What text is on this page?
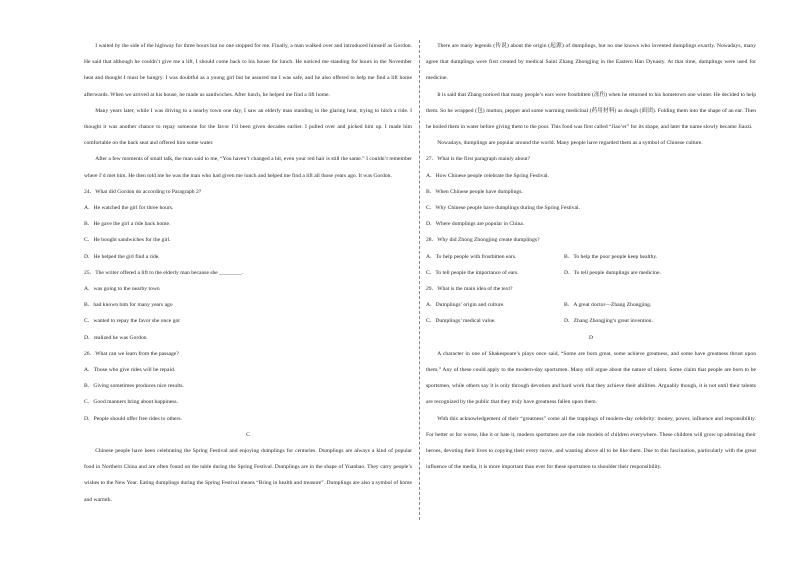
I waited by the side of the highway for three hours but no one stopped for me. Finally, a man walked over and introduced himself as Gordon. He said that although he couldn’t give me a lift, I should come back to his house for lunch. He noticed me standing for hours in the November heat and thought I must be hungry. I was doubtful as a young girl but he assured me I was safe, and he also offered to help me find a lift home afterwards. When we arrived at his house, he made us sandwiches. After lunch, he helped me find a lift home.

Many years later, while I was driving to a nearby town one day, I saw an elderly man standing in the glaring heat, trying to hitch a ride. I thought it was another chance to repay someone for the favor I’d been given decades earlier. I pulled over and picked him up. I made him comfortable on the back seat and offered him some water.

After a few moments of small talk, the man said to me, “You haven’t changed a bit, even your red hair is still the same.” I couldn’t remember where I’d met him. He then told me he was the man who had given me lunch and helped me find a lift all those years ago. It was Gordon.

24．What did Gordon do according to Paragraph 2?

A．He watched the girl for three hours.

B．He gave the girl a ride back home.

C．He bought sandwiches for the girl.

D．He helped the girl find a ride.

25．The writer offered a lift to the elderly man because she ________.

A．was going to the nearby town

B．had known him for many years ago

C．wanted to repay the favor she once got

D．realized he was Gordon

26．What can we learn from the passage?

A．Those who give rides will be repaid.

B．Giving sometimes produces nice results.

C．Good manners bring about happiness.

D．People should offer free rides to others.

C

Chinese people have been celebrating the Spring Festival and enjoying dumplings for centuries. Dumplings are always a kind of popular food in Northern China and are often found on the table during the Spring Festival. Dumplings are in the shape of Yuanbao. They carry people’s wishes to the New Year. Eating dumplings during the Spring Festival means “Bring in health and treasure”. Dumplings are also a symbol of home and warmth.

There are many legends (传说) about the origin (起源) of dumplings, but no one knows who invented dumplings exactly. Nowadays, many agree that dumplings were first created by medical Saint Zhang Zhongjing in the Eastern Han Dynasty. At that time, dumplings were used for medicine.

It is said that Zhang noticed that many people’s ears were frostbitten (冻伤) when he returned to his hometown one winter. He decided to help them. So he wrapped (包) mutton, pepper and some warming medicinal (药用材料) as dough (面团). Folding them into the shape of an ear. Then he boiled them in water before giving them to the poor. This food was first called “Jiao’er” for its shape, and later the name slowly became Jiaozi.

Nowadays, dumplings are popular around the world. Many people have regarded them as a symbol of Chinese culture.

27．What is the first paragraph mainly about?

A．How Chinese people celebrate the Spring Festival.

B．When Chinese people have dumplings.

C．Why Chinese people have dumplings during the Spring Festival.

D．Where dumplings are popular in China.

28．Why did Zhong Zhongjing create dumplings?

A．To help people with frostbitten ears.	B．To help the poor people keep healthy.
C．To tell people the importance of ears.	D．To tell people dumplings are medicine.

29．What is the main idea of the text?

A．Dumplings’ origin and culture.	B．A great doctor—Zhang Zhongjing.
C．Dumplings’ medical value.	D．Zhang Zhongjing’s great invention.

D

A character in one of Shakespeare’s plays once said, “Some are born great, some achieve greatness, and some have greatness thrust upon them.” Any of these could apply to the modern-day sportsmen. Many still argue about the nature of talent. Some claim that people are born to be sportsmen, while others say it is only through devotion and hard work that they achieve their abilities. Arguably though, it is not until their talents are recognized by the public that they truly have greatness fallen upon them.

With this acknowledgement of their “greatness” come all the trappings of modern-day celebrity: money, power, influence and responsibility. For better or for worse, like it or hate it, modern sportsmen are the role models of children everywhere. These children will grow up admiring their heroes, devoting their lives to copying their every move, and wanting above all to be like them. Due to this fascination, particularly with the great influence of the media, it is more important than ever for these sportsmen to shoulder their responsibility.
